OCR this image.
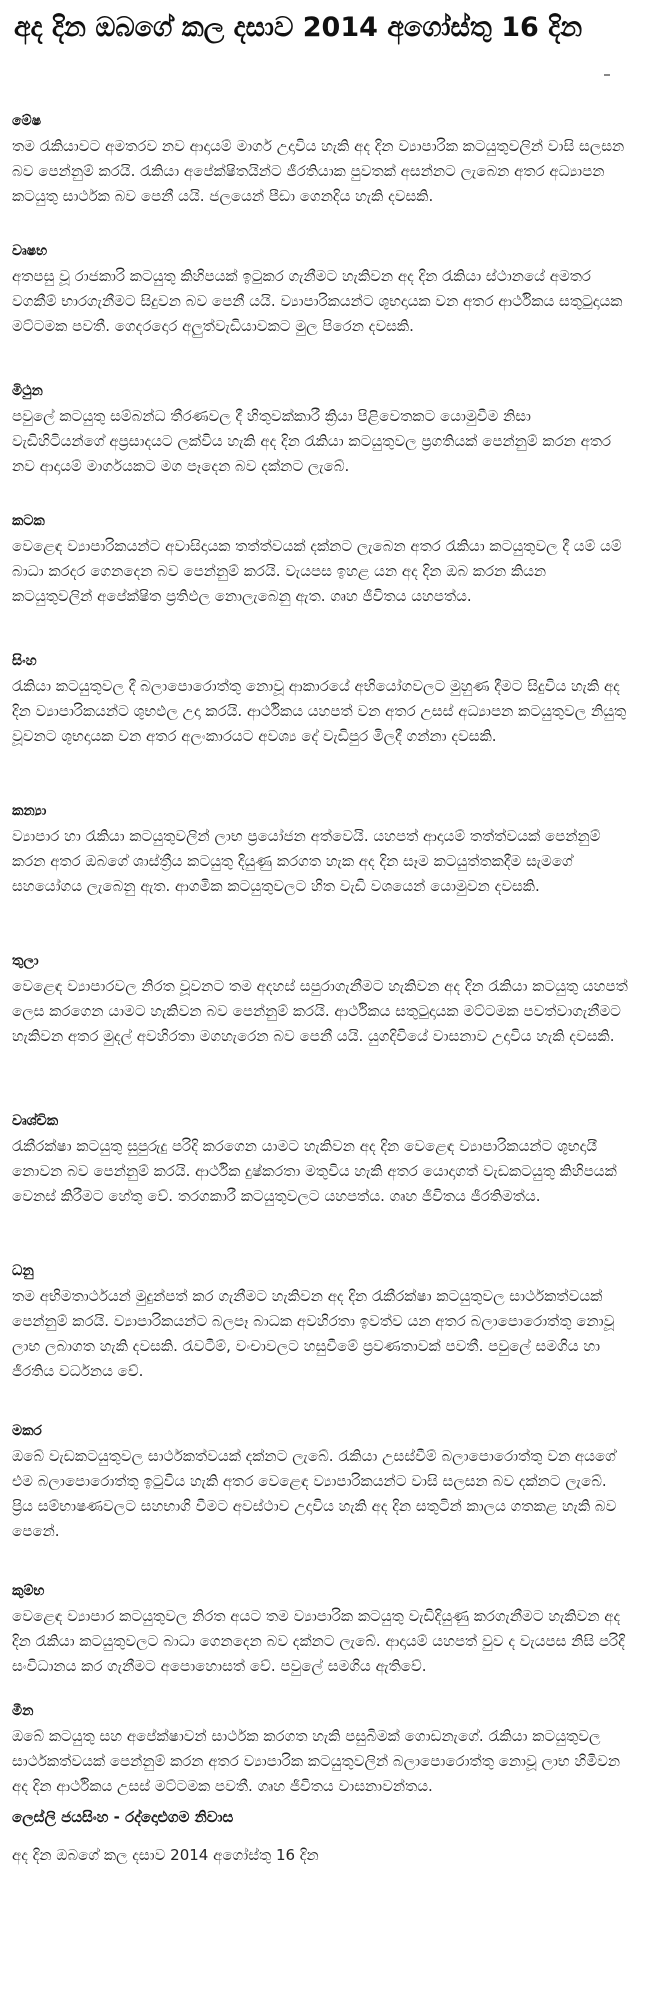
අද දින ඔබගේ කල දසාව 2014 අගෝස්තු 16 දින

මේෂ

තම රැකියාවට අමතරව නව ආදායම් මාර්ග උදාවිය හැකි අද දින ව්‍යාපාරික කටයුතුවලින් වාසි සලසන බව පෙන්නුම් කරයි. රැකියා අපේක්ෂිතයින්ට ජීරතියාක පුවතක් අසන්නට ලැබෙන අතර අධ්‍යාපන කටයුතු සාර්ථක බව පෙනී යයි. ජලයෙන් පීඩා ගෙනදිය හැකි දවසකි.

වෘෂභ

අතපසු වූ රාජකාරි කටයුතු කිහිපයක් ඉටුකර ගැනීමට හැකිවන අද දින රැකියා ස්ථානයේ අමතර වගකීම් භාරගැනීමට සිදුවන බව පෙනී යයි. ව්‍යාපාරිකයන්ට ශුභදායක වන අතර ආර්ථිකය සතුටුදායක මට්ටමක පවතී. ගෙදරදොර අලුත්වැඩියාවකට මුල පිරෙන දවසකි.

මිථුන

පවුලේ කටයුතු සම්බන්ධ තීරණවල දී හිතුවක්කාරී ක්‍රියා පිළිවෙතකට යොමුවීම නිසා වැඩිහිටියන්ගේ අප්‍රසාදයට ලක්විය හැකි අද දින රැකියා කටයුතුවල ප්‍රගතියක් පෙන්නුම් කරන අතර නව ආදායම් මාර්ගයකට මග පෑදෙන බව දක්නට ලැබේ.

කටක

වෙළෙඳ ව්‍යාපාරිකයන්ට අවාසිදායක තත්ත්වයක් දක්නට ලැබෙන අතර රැකියා කටයුතුවල දී යම් යම් බාධා කරදර ගෙනදෙන බව පෙන්නුම් කරයි. වැයපස ඉහළ යන අද දින ඔබ කරන කියන කටයුතුවලින් අපේක්ෂිත ප්‍රතිඵල නොලැබෙනු ඇත. ගෘහ ජීවිතය යහපත්ය.

සිංහ

රැකියා කටයුතුවල දී බලාපොරොත්තු නොවූ ආකාරයේ අභියෝගවලට මුහුණ දීමට සිදුවිය හැකි අද දින ව්‍යාපාරිකයන්ට ශුභඵල උදා කරයි. ආර්ථිකය යහපත් වන අතර උසස් අධ්‍යාපන කටයුතුවල නියුතු වූවනට ශුභදායක වන අතර අලංකාරයට අවශ්‍ය දේ වැඩිපුර මිලදී ගන්නා දවසකි.

කන්‍යා

ව්‍යාපාර හා රැකියා කටයුතුවලින් ලාභ ප්‍රයෝජන අත්වෙයි. යහපත් ආදායම් තත්ත්වයක් පෙන්නුම් කරන අතර ඔබගේ ශාස්ත්‍රීය කටයුතු දියුණු කරගත හැක අද දින සෑම කටයුත්තකදීම සැමගේ සහයෝගය ලැබෙනු ඇත. ආගමික කටයුතුවලට හිත වැඩි වශයෙන් යොමුවන දවසකි.

තුලා

වෙළෙඳ ව්‍යාපාරවල නිරත වූවනට තම අදහස් සපුරාගැනීමට හැකිවන අද දින රැකියා කටයුතු යහපත් ලෙස කරගෙන යාමට හැකිවන බව පෙන්නුම් කරයි. ආර්ථිකය සතුටුදායක මට්ටමක පවත්වාගැනීමට හැකිවන අතර මුදල් අවහිරතා මගහැරෙන බව පෙනී යයි. යුගදිවියේ වාසනාව උදාවිය හැකි දවසකි.

වෘශ්චික

රැකීරක්ෂා කටයුතු සුපුරුදු පරිදි කරගෙන යාමට හැකිවන අද දින වෙළෙඳ ව්‍යාපාරිකයන්ට ශුභදායී නොවන බව පෙන්නුම් කරයි. ආර්ථික දුෂ්කරතා මතුවිය හැකි අතර යොදාගත් වැඩකටයුතු කිහිපයක් වෙනස් කිරීමට හේතු වේ. තරගකාරී කටයුතුවලට යහපත්ය. ගෘහ ජීවිතය ජීරතිමත්ය.

ධනු

තම අභිමතාර්ථයන් මුදුන්පත් කර ගැනීමට හැකිවන අද දින රැකීරක්ෂා කටයුතුවල සාර්ථකත්වයක් පෙන්නුම් කරයි. ව්‍යාපාරිකයන්ට බලපෑ බාධක අවහිරතා ඉවත්ව යන අතර බලාපොරොත්තු නොවූ ලාභ ලබාගත හැකි දවසකි. රැවටීම්, වංචාවලට හසුවීමේ ප්‍රවණතාවක් පවතී. පවුලේ සමගිය හා ජීරතිය වර්ධනය වේ.

මකර

ඔබේ වැඩකටයුතුවල සාර්ථකත්වයක් දක්නට ලැබේ. රැකියා උසස්වීම් බලාපොරොත්තු වන අයගේ එම බලාපොරොත්තු ඉටුවිය හැකි අතර වෙළෙඳ ව්‍යාපාරිකයන්ට වාසි සලසන බව දක්නට ලැබේ. ප්‍රිය සම්භාෂණවලට සහභාගි වීමට අවස්ථාව උදාවිය හැකි අද දින සතුටින් කාලය ගතකළ හැකි බව පෙනේ.

කුම්භ

වෙළෙඳ ව්‍යාපාර කටයුතුවල නිරත අයට තම ව්‍යාපාරික කටයුතු වැඩිදියුණු කරගැනීමට හැකිවන අද දින රැකියා කටයුතුවලට බාධා ගෙනදෙන බව දක්නට ලැබේ. ආදායම් යහපත් වුව ද වැයපස නිසි පරිදි සංවිධානය කර ගැනීමට අපොහොසත් වේ. පවුලේ සමගිය ඇතිවේ.

මීන

ඔබේ කටයුතු සහ අපේක්ෂාවන් සාර්ථක කරගත හැකි පසුබිමක් ගොඩනැගේ. රැකියා කටයුතුවල සාර්ථකත්වයක් පෙන්නුම් කරන අතර ව්‍යාපාරික කටයුතුවලින් බලාපොරොත්තු නොවූ ලාභ හිමිවන අද දින ආර්ථිකය උසස් මට්ටමක පවතී. ගෘහ ජීවිතය වාසනාවන්තය.

ලෙස්ලි ජයසිංහ - රද්දොළුගම නිවාස
අද දින ඔබගේ කල දසාව 2014 අගෝස්තු 16 දින
